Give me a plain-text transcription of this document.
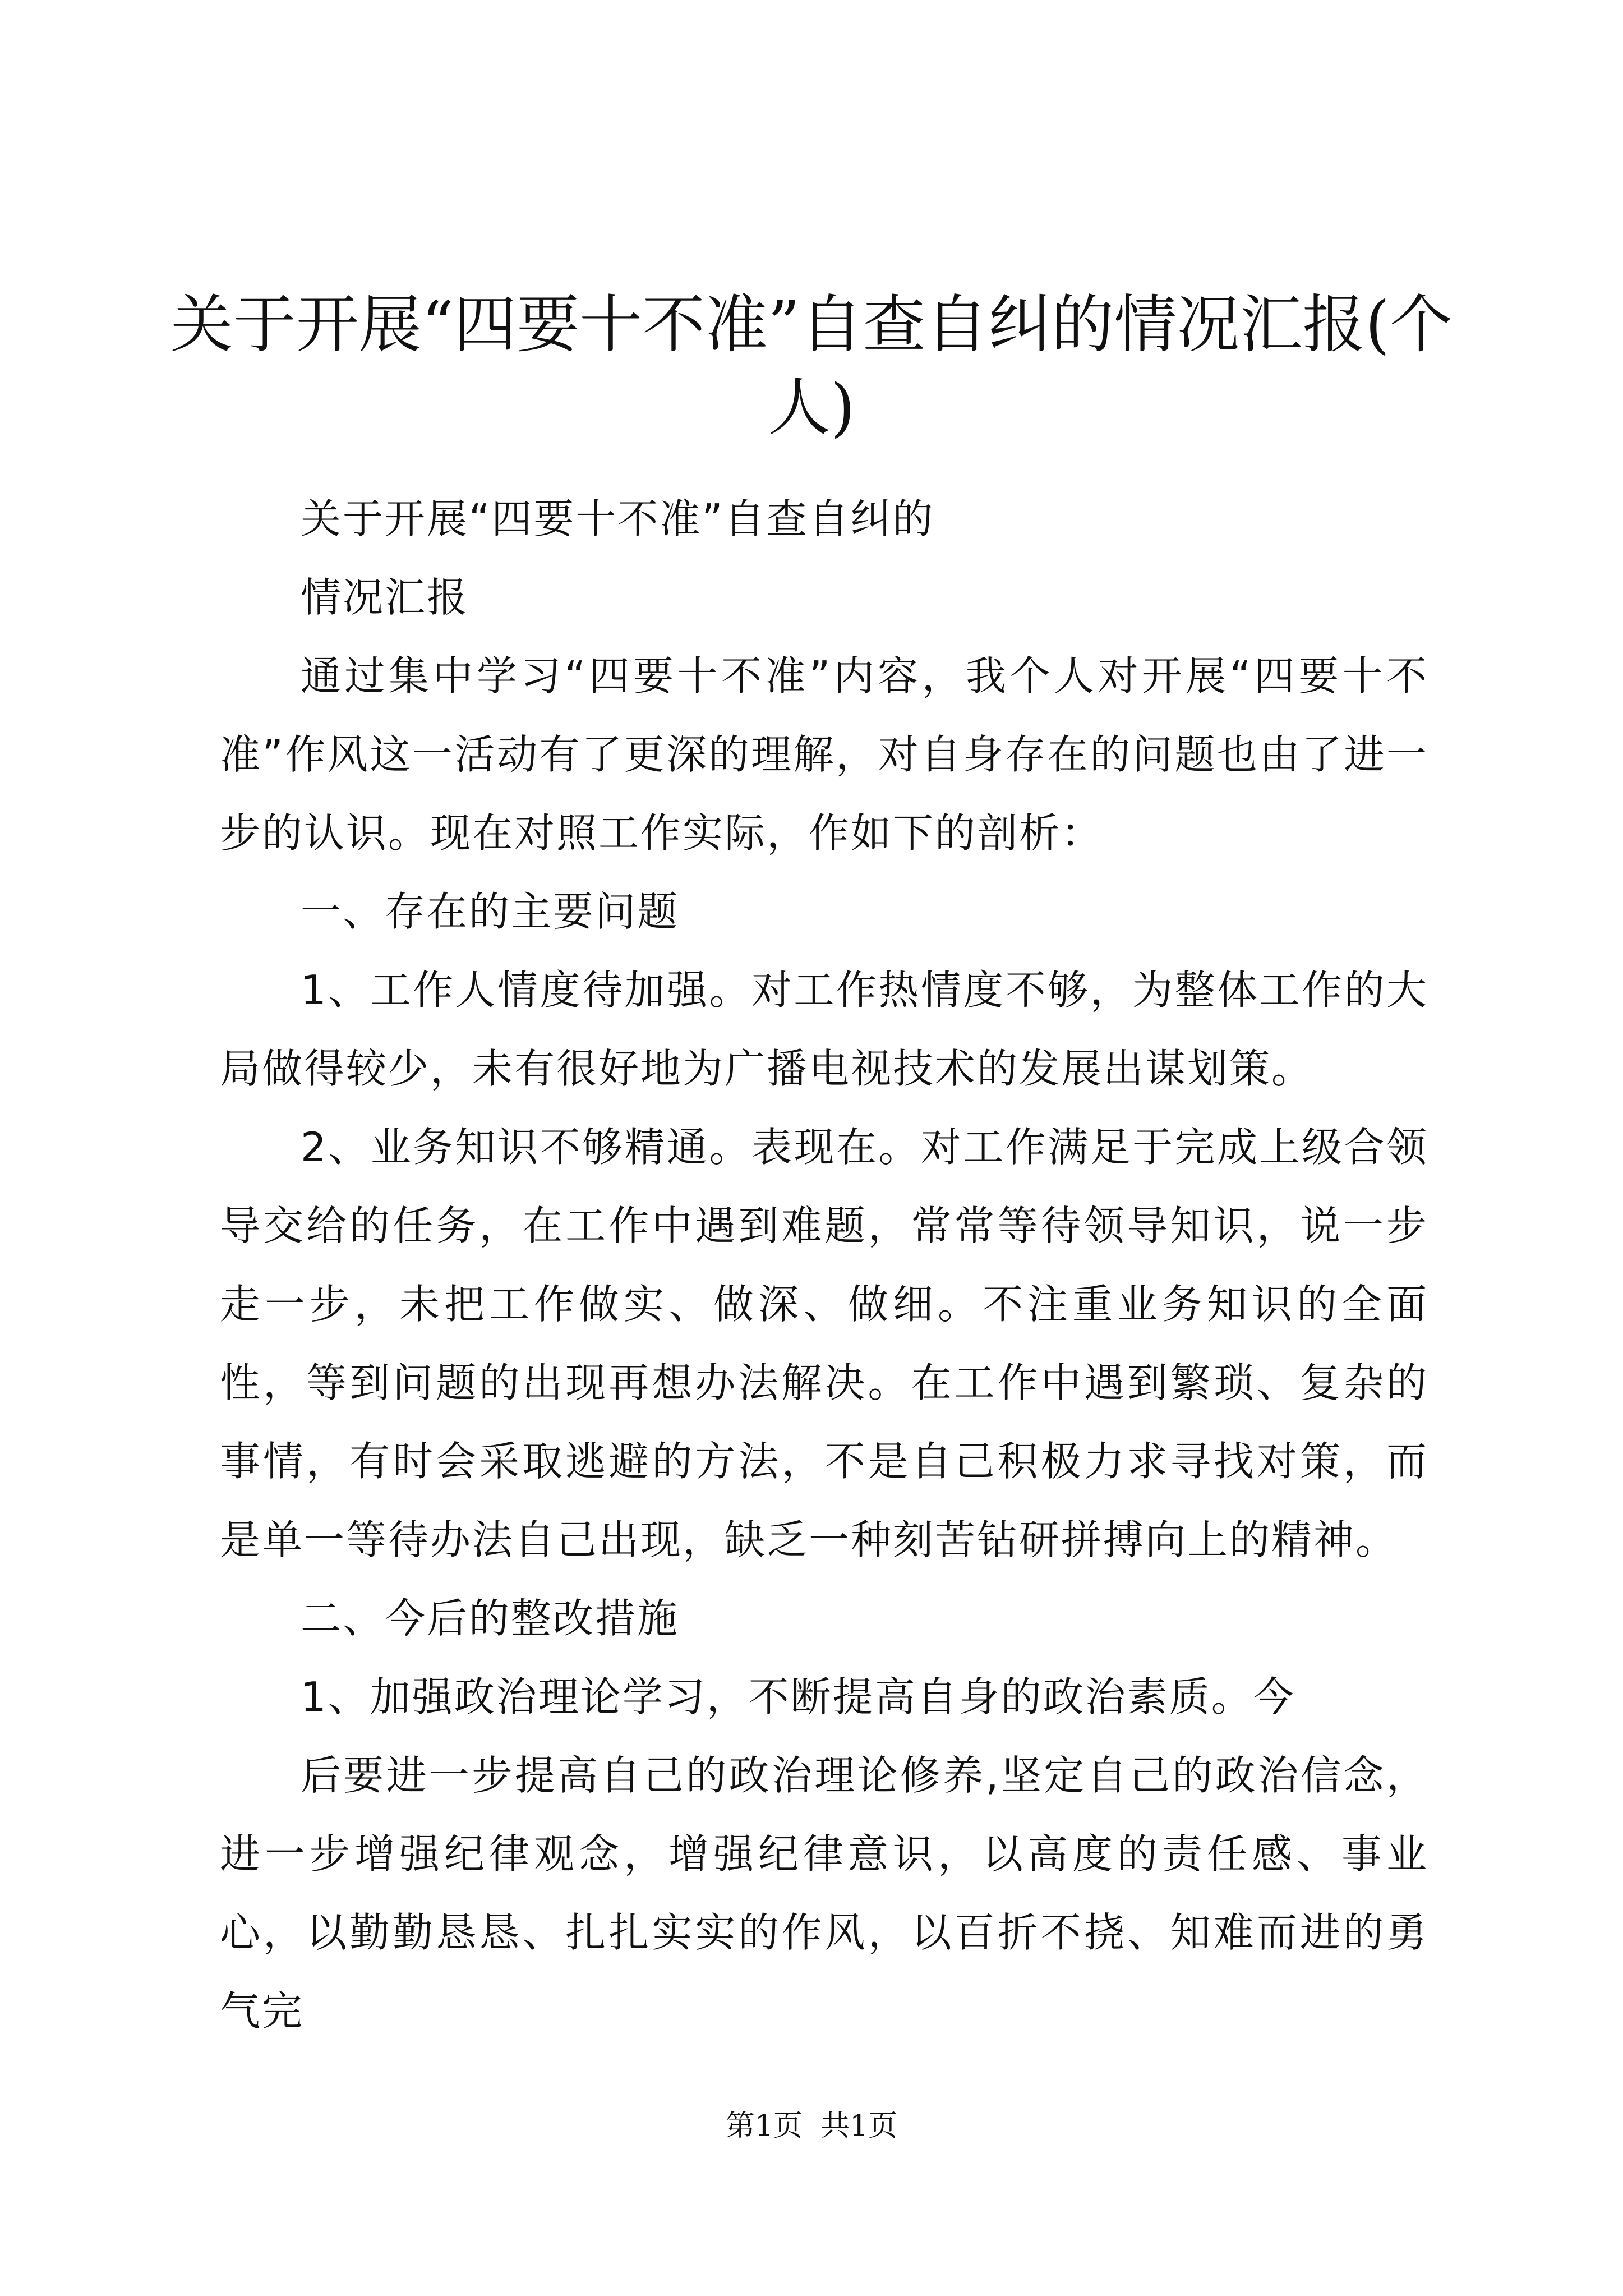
关于开展“四要十不准”自查自纠的情况汇报(个人)

关于开展“四要十不准”自查自纠的

情况汇报

通过集中学习“四要十不准”内容，我个人对开展“四要十不准”作风这一活动有了更深的理解，对自身存在的问题也由了进一步的认识。现在对照工作实际，作如下的剖析：

一、存在的主要问题

1、工作人情度待加强。对工作热情度不够，为整体工作的大局做得较少，未有很好地为广播电视技术的发展出谋划策。

2、业务知识不够精通。表现在。对工作满足于完成上级合领导交给的任务，在工作中遇到难题，常常等待领导知识，说一步走一步，未把工作做实、做深、做细。不注重业务知识的全面性，等到问题的出现再想办法解决。在工作中遇到繁琐、复杂的事情，有时会采取逃避的方法，不是自己积极力求寻找对策，而是单一等待办法自己出现，缺乏一种刻苦钻研拼搏向上的精神。

二、今后的整改措施

1、加强政治理论学习，不断提高自身的政治素质。今

后要进一步提高自己的政治理论修养,坚定自己的政治信念，进一步增强纪律观念，增强纪律意识，以高度的责任感、事业心，以勤勤恳恳、扎扎实实的作风，以百折不挠、知难而进的勇气完

第1页 共1页
